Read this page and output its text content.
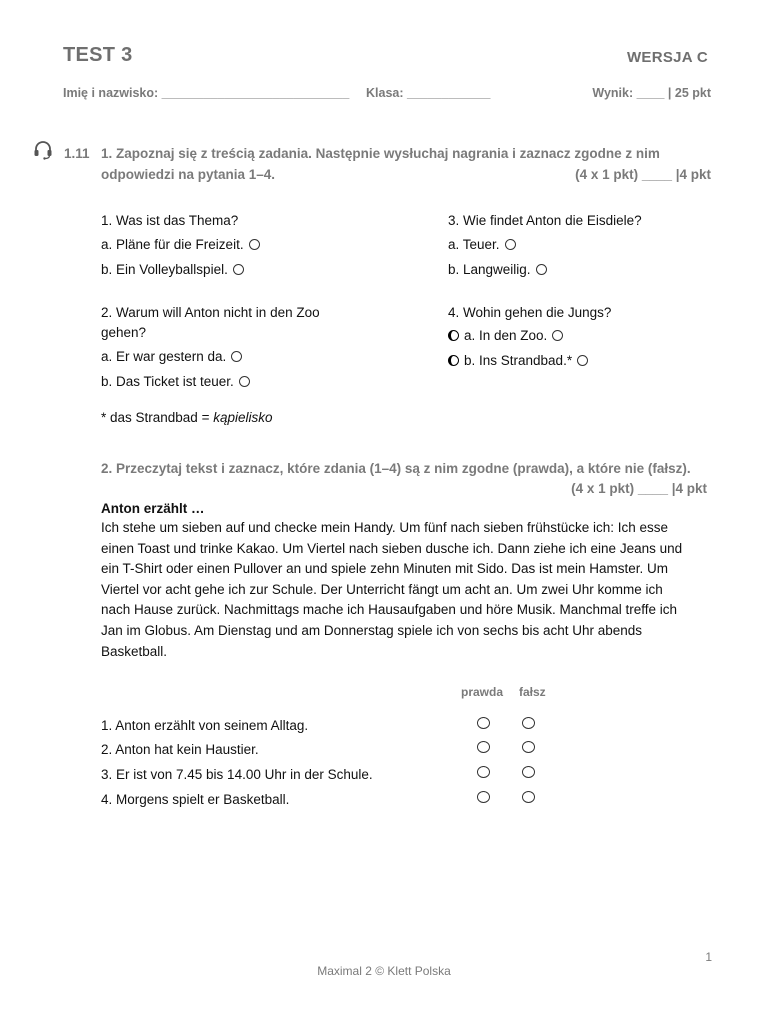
TEST 3	WERSJA C
Imię i nazwisko: ___________________________ Klasa: ____________	Wynik: ____ | 25 pkt
1.11 1. Zapoznaj się z treścią zadania. Następnie wysłuchaj nagrania i zaznacz zgodne z nim
odpowiedzi na pytania 1–4.	(4 x 1 pkt) ____ |4 pkt
1. Was ist das Thema?
a. Pläne für die Freizeit.
b. Ein Volleyballspiel.
2. Warum will Anton nicht in den Zoo
gehen?
a. Er war gestern da.
b. Das Ticket ist teuer.
3. Wie findet Anton die Eisdiele?
a. Teuer.
b. Langweilig.
4. Wohin gehen die Jungs?
a. In den Zoo.
b. Ins Strandbad.*
* das Strandbad = kąpielisko
2. Przeczytaj tekst i zaznacz, które zdania (1–4) są z nim zgodne (prawda), a które nie (fałsz).
(4 x 1 pkt) ____ |4 pkt
Anton erzählt …
Ich stehe um sieben auf und checke mein Handy. Um fünf nach sieben frühstücke ich: Ich esse
einen Toast und trinke Kakao. Um Viertel nach sieben dusche ich. Dann ziehe ich eine Jeans und
ein T-Shirt oder einen Pullover an und spiele zehn Minuten mit Sido. Das ist mein Hamster. Um
Viertel vor acht gehe ich zur Schule. Der Unterricht fängt um acht an. Um zwei Uhr komme ich
nach Hause zurück. Nachmittags mache ich Hausaufgaben und höre Musik. Manchmal treffe ich
Jan im Globus. Am Dienstag und am Donnerstag spiele ich von sechs bis acht Uhr abends
Basketball.
prawda fałsz
1. Anton erzählt von seinem Alltag.
2. Anton hat kein Haustier.
3. Er ist von 7.45 bis 14.00 Uhr in der Schule.
4. Morgens spielt er Basketball.
1
Maximal 2 © Klett Polska
